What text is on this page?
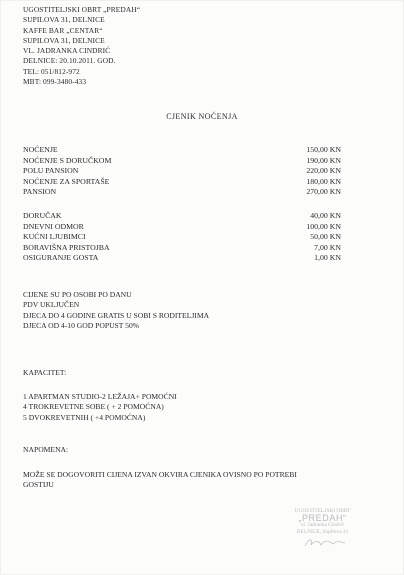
UGOSTITELJSKI OBRT „PREDAH“
SUPILOVA 31, DELNICE
KAFFE BAR „CENTAR“
SUPILOVA 31, DELNICE
VL. JADRANKA CINDRIĆ
DELNICE: 20.10.2011. GOD.
TEL: 051/812-972
MBT: 099-3480-433
CJENIK NOĆENJA
NOĆENJE	150,00 KN
NOĆENJE S DORUČKOM	190,00 KN
POLU PANSION	220,00 KN
NOĆENJE ZA SPORTAŠE	180,00 KN
PANSION	270,00 KN
DORUČAK	40,00 KN
DNEVNI ODMOR	100,00 KN
KUĆNI LJUBIMCI	50,00 KN
BORAVIŠNA PRISTOJBA	7,00 KN
OSIGURANJE GOSTA	1,00 KN
CIJENE SU PO OSOBI PO DANU
PDV UKLJUČEN
DJECA DO 4 GODINE GRATIS U SOBI S RODITELJIMA
DJECA OD 4-10 GOD POPUST 50%
KAPACITET:
1 APARTMAN STUDIO-2 LEŽAJA+ POMOĆNI
4 TROKREVETNE SOBE ( + 2 POMOĆNA)
5 DVOKREVETNIH ( +4 POMOĆNA)
NAPOMENA:
MOŽE SE DOGOVORITI CIJENA IZVAN OKVIRA CJENIKA OVISNO PO POTREBI
GOSTIJU
UGOSTITELJSKI OBRT
„PREDAH“
vl. Jadranka Cindrić
DELNICE, Supilova 31
